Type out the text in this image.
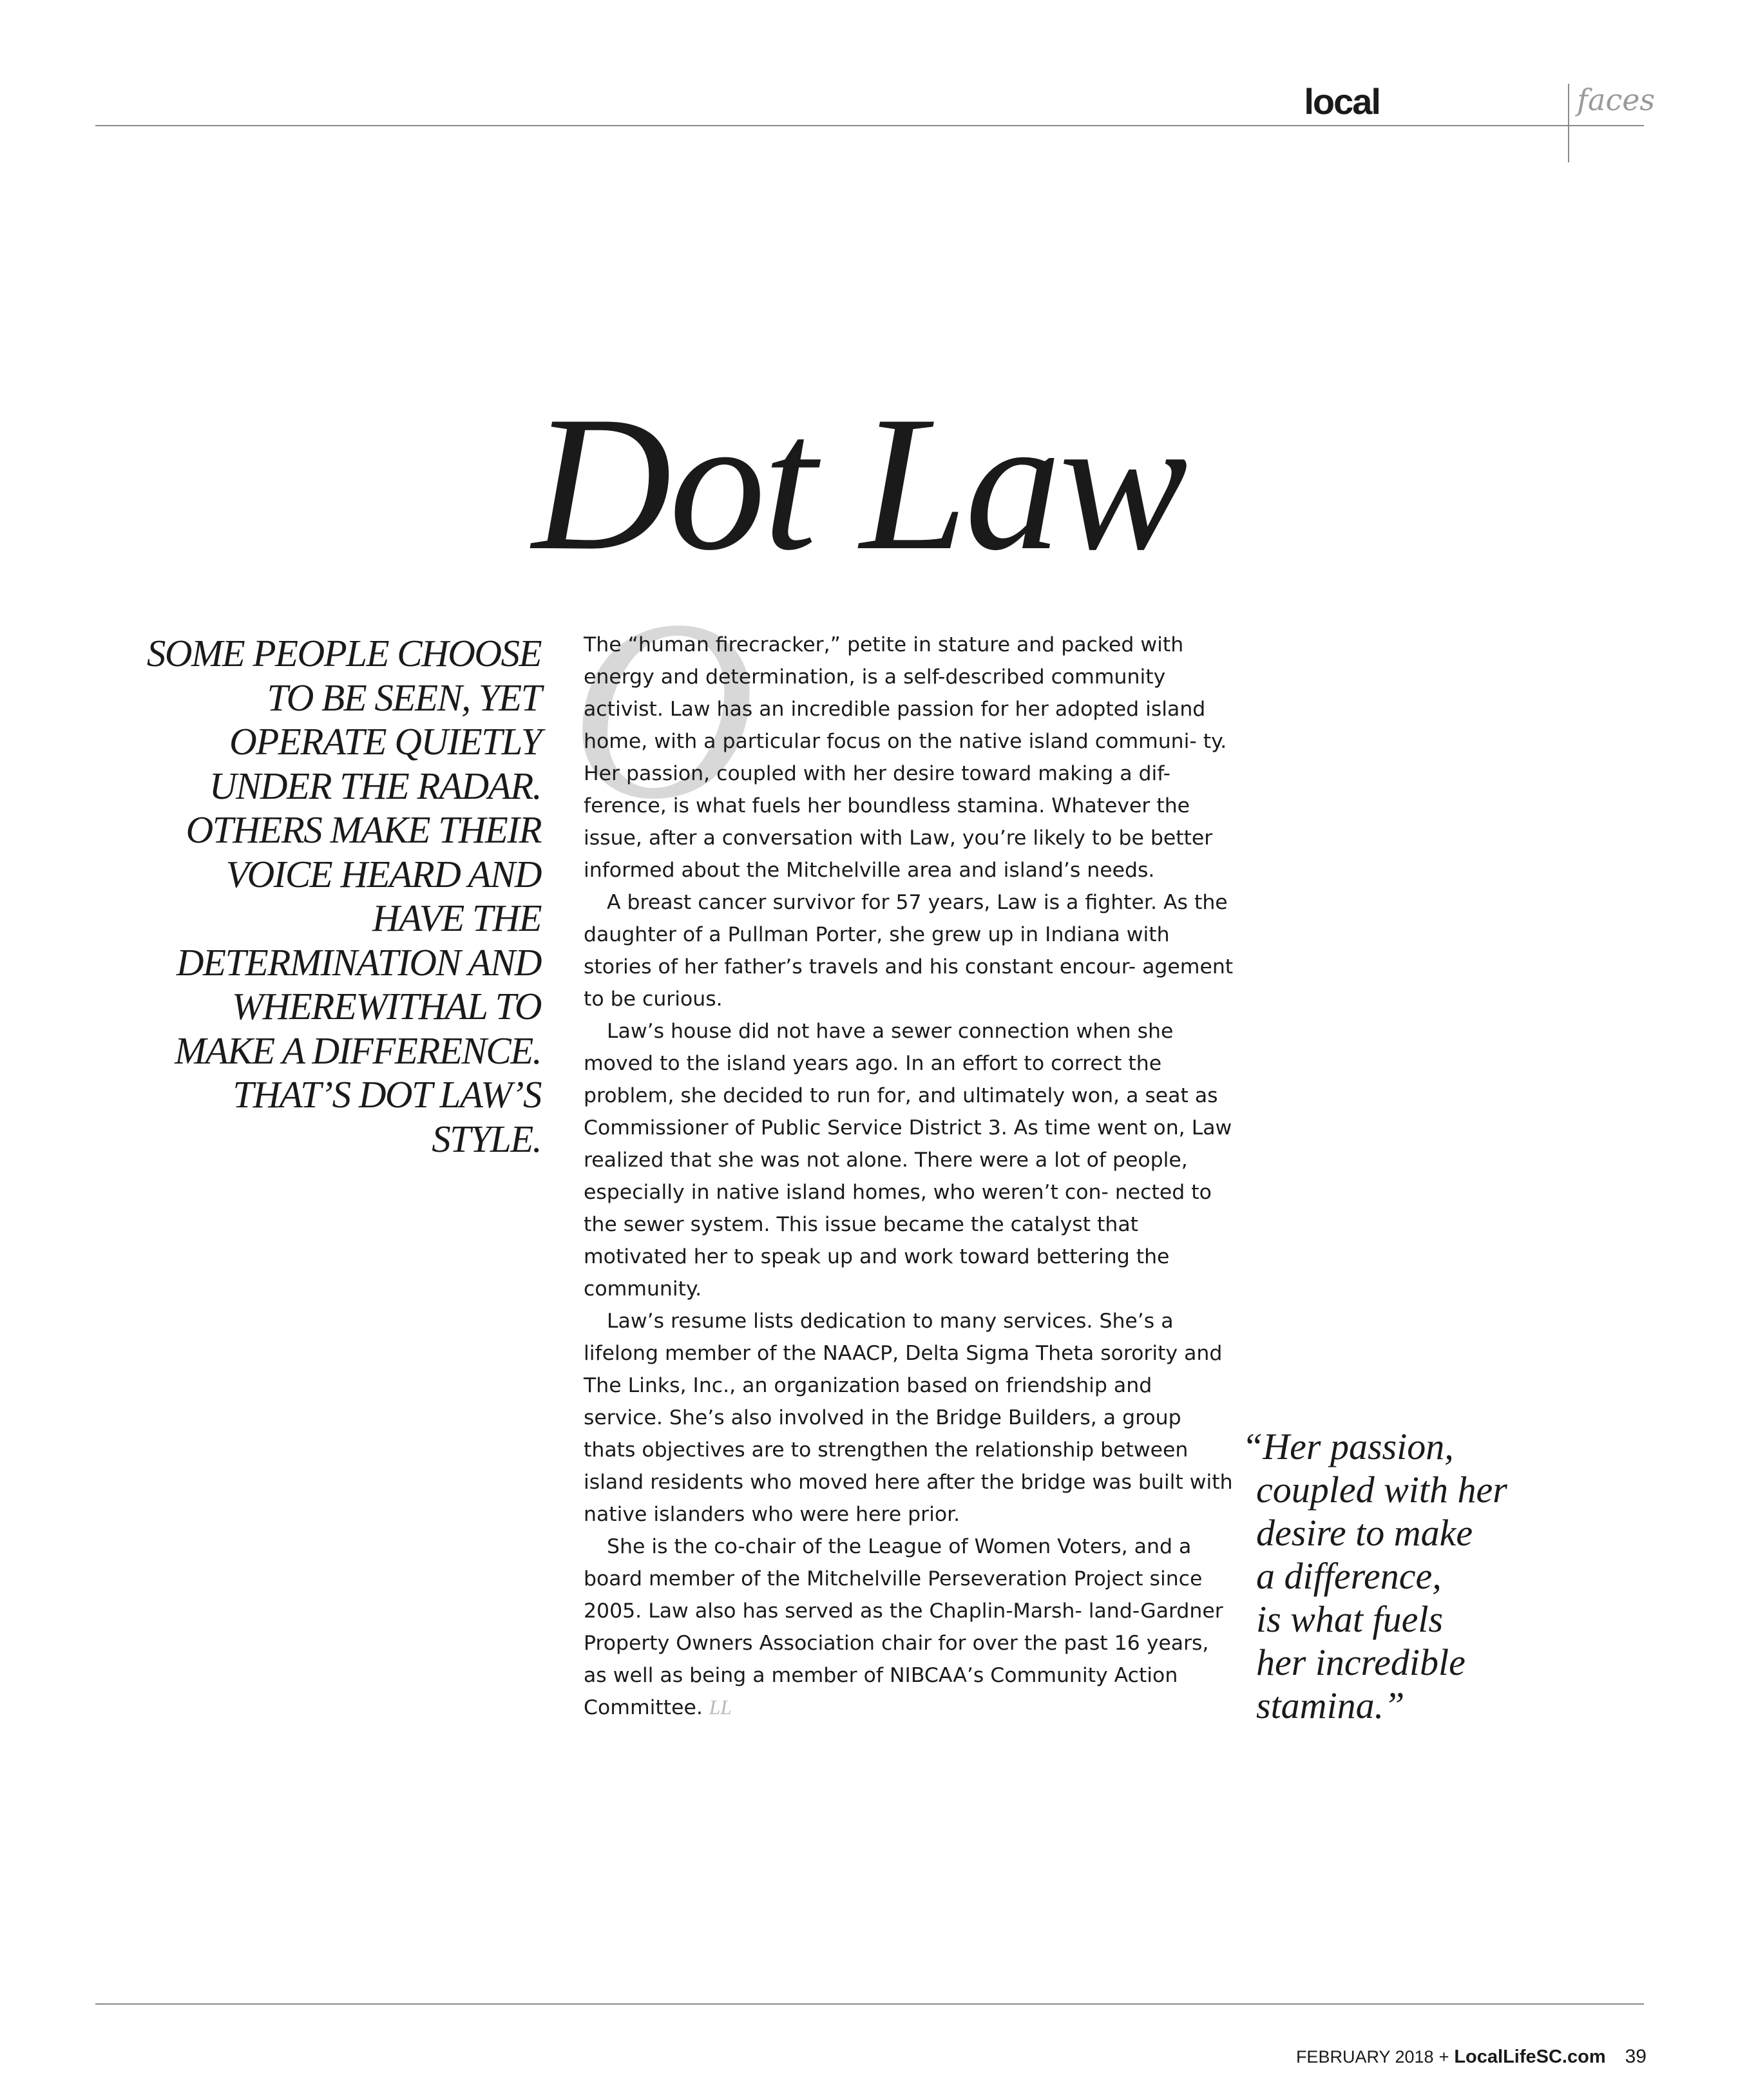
local	faces
Dot Law
O

SOME PEOPLE CHOOSE TO BE SEEN, YET OPERATE QUIETLY UNDER THE RADAR. OTHERS MAKE THEIR VOICE HEARD AND HAVE THE DETERMINATION AND WHEREWITHAL TO MAKE A DIFFERENCE. THAT’S DOT LAW’S STYLE.

The “human firecracker,” petite in stature and packed with energy and determination, is a self-described community activist. Law has an incredible passion for her adopted island home, with a particular focus on the native island communi- ty. Her passion, coupled with her desire toward making a dif- ference, is what fuels her boundless stamina. Whatever the issue, after a conversation with Law, you’re likely to be better informed about the Mitchelville area and island’s needs.

A breast cancer survivor for 57 years, Law is a fighter. As the daughter of a Pullman Porter, she grew up in Indiana with stories of her father’s travels and his constant encour- agement to be curious.

Law’s house did not have a sewer connection when she moved to the island years ago. In an effort to correct the problem, she decided to run for, and ultimately won, a seat as Commissioner of Public Service District 3. As time went on, Law realized that she was not alone. There were a lot of people, especially in native island homes, who weren’t con- nected to the sewer system. This issue became the catalyst that motivated her to speak up and work toward bettering the community.

Law’s resume lists dedication to many services. She’s a lifelong member of the NAACP, Delta Sigma Theta sorority and The Links, Inc., an organization based on friendship and service. She’s also involved in the Bridge Builders, a group thats objectives are to strengthen the relationship between island residents who moved here after the bridge was built with native islanders who were here prior.

She is the co-chair of the League of Women Voters, and a board member of the Mitchelville Perseveration Project since 2005. Law also has served as the Chaplin-Marsh- land-Gardner Property Owners Association chair for over the past 16 years, as well as being a member of NIBCAA’s Community Action Committee. LL

“Her passion,
coupled with her
desire to make
a difference,
is what fuels
her incredible
stamina.”
FEBRUARY 2018 + LocalLifeSC.com 39
